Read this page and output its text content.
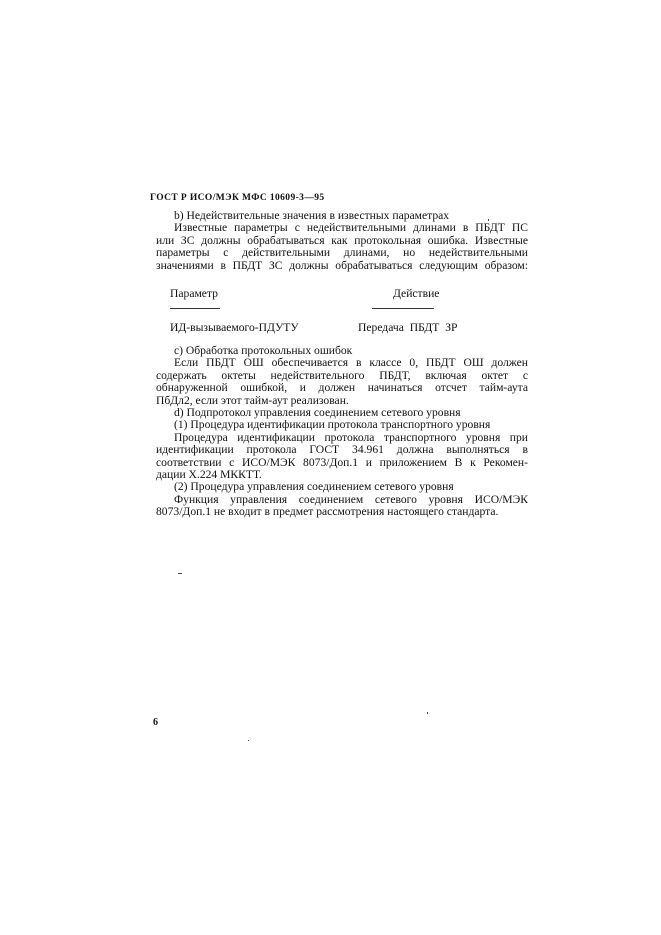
ГОСТ Р ИСО/МЭК МФС 10609-3—95

b) Недействительные значения в известных параметрах

Известные параметры с недействительными длинами в ПБДТ ПС

или ЗС должны обрабатываться как протокольная ошибка. Известные

параметры с действительными длинами, но недействительными

значениями в ПБДТ ЗС должны обрабатываться следующим образом:

Параметр	Действие
ИД-вызываемого-ПДУТУ	Передача ПБДТ ЗР

c) Обработка протокольных ошибок

Если ПБДТ ОШ обеспечивается в классе 0, ПБДТ ОШ должен

содержать октеты недействительного ПБДТ, включая октет с

обнаруженной ошибкой, и должен начинаться отсчет тайм-аута

ПбДл2, если этот тайм-аут реализован.

d) Подпротокол управления соединением сетевого уровня

(1) Процедура идентификации протокола транспортного уровня

Процедура идентификации протокола транспортного уровня при

идентификации протокола ГОСТ 34.961 должна выполняться в

соответствии с ИСО/МЭК 8073/Доп.1 и приложением В к Рекомен-

дации X.224 МККТТ.

(2) Процедура управления соединением сетевого уровня

Функция управления соединением сетевого уровня ИСО/МЭК

8073/Доп.1 не входит в предмет рассмотрения настоящего стандарта.

6
